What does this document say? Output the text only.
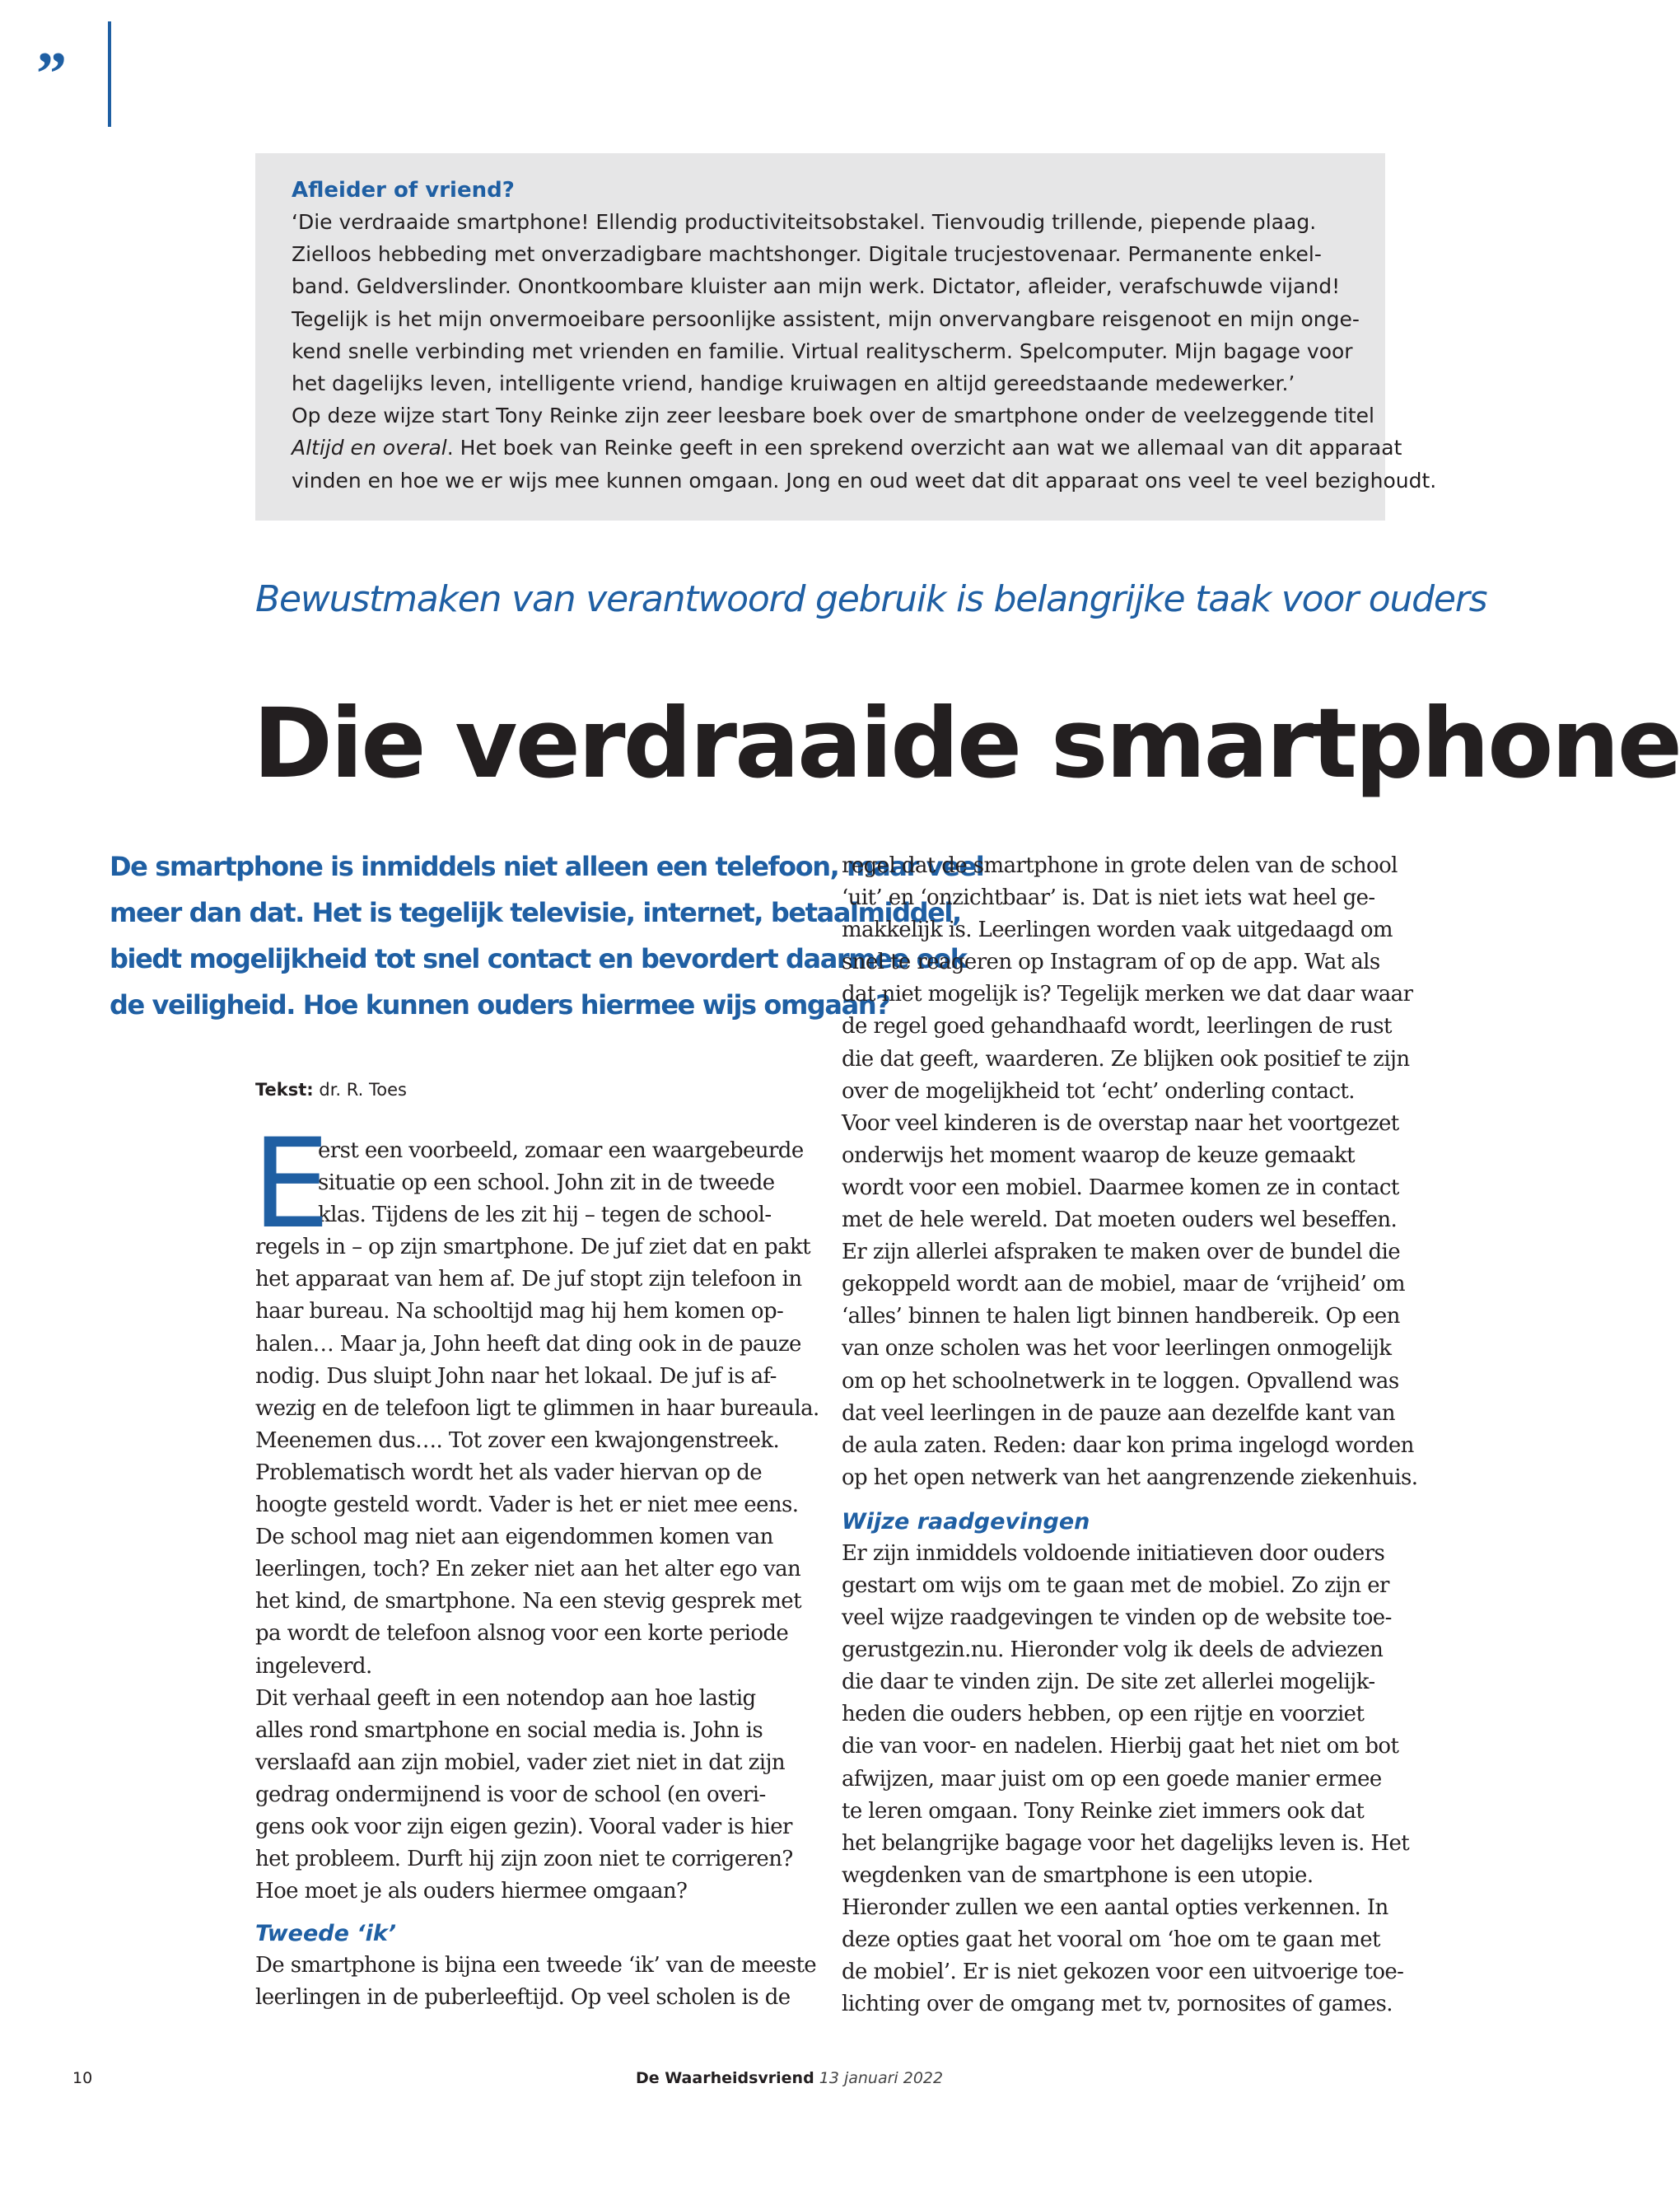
”

Afleider of vriend?

‘Die verdraaide smartphone! Ellendig productiviteitsobstakel. Tienvoudig trillende, piepende plaag.

Zielloos hebbeding met onverzadigbare machtshonger. Digitale trucjestovenaar. Permanente enkel-

band. Geldverslinder. Onontkoombare kluister aan mijn werk. Dictator, afleider, verafschuwde vijand!

Tegelijk is het mijn onvermoeibare persoonlijke assistent, mijn onvervangbare reisgenoot en mijn onge-

kend snelle verbinding met vrienden en familie. Virtual realityscherm. Spelcomputer. Mijn bagage voor

het dagelijks leven, intelligente vriend, handige kruiwagen en altijd gereedstaande medewerker.’

Op deze wijze start Tony Reinke zijn zeer leesbare boek over de smartphone onder de veelzeggende titel

Altijd en overal. Het boek van Reinke geeft in een sprekend overzicht aan wat we allemaal van dit apparaat

vinden en hoe we er wijs mee kunnen omgaan. Jong en oud weet dat dit apparaat ons veel te veel bezighoudt.

Bewustmaken van verantwoord gebruik is belangrijke taak voor ouders
Die verdraaide smartphone

De smartphone is inmiddels niet alleen een telefoon, maar veel

meer dan dat. Het is tegelijk televisie, internet, betaalmiddel,

biedt mogelijkheid tot snel contact en bevordert daarmee ook

de veiligheid. Hoe kunnen ouders hiermee wijs omgaan?

Tekst: dr. R. Toes
E

erst een voorbeeld, zomaar een waargebeurde

situatie op een school. John zit in de tweede

klas. Tijdens de les zit hij – tegen de school-

regels in – op zijn smartphone. De juf ziet dat en pakt

het apparaat van hem af. De juf stopt zijn telefoon in

haar bureau. Na schooltijd mag hij hem komen op-

halen… Maar ja, John heeft dat ding ook in de pauze

nodig. Dus sluipt John naar het lokaal. De juf is af-

wezig en de telefoon ligt te glimmen in haar bureaula.

Meenemen dus…. Tot zover een kwajongenstreek.

Problematisch wordt het als vader hiervan op de

hoogte gesteld wordt. Vader is het er niet mee eens.

De school mag niet aan eigendommen komen van

leerlingen, toch? En zeker niet aan het alter ego van

het kind, de smartphone. Na een stevig gesprek met

pa wordt de telefoon alsnog voor een korte periode

ingeleverd.

Dit verhaal geeft in een notendop aan hoe lastig

alles rond smartphone en social media is. John is

verslaafd aan zijn mobiel, vader ziet niet in dat zijn

gedrag ondermijnend is voor de school (en overi-

gens ook voor zijn eigen gezin). Vooral vader is hier

het probleem. Durft hij zijn zoon niet te corrigeren?

Hoe moet je als ouders hiermee omgaan?

Tweede ‘ik’

De smartphone is bijna een tweede ‘ik’ van de meeste

leerlingen in de puberleeftijd. Op veel scholen is de

regel dat de smartphone in grote delen van de school

‘uit’ en ‘onzichtbaar’ is. Dat is niet iets wat heel ge-

makkelijk is. Leerlingen worden vaak uitgedaagd om

snel te reageren op Instagram of op de app. Wat als

dat niet mogelijk is? Tegelijk merken we dat daar waar

de regel goed gehandhaafd wordt, leerlingen de rust

die dat geeft, waarderen. Ze blijken ook positief te zijn

over de mogelijkheid tot ‘echt’ onderling contact.

Voor veel kinderen is de overstap naar het voortgezet

onderwijs het moment waarop de keuze gemaakt

wordt voor een mobiel. Daarmee komen ze in contact

met de hele wereld. Dat moeten ouders wel beseffen.

Er zijn allerlei afspraken te maken over de bundel die

gekoppeld wordt aan de mobiel, maar de ‘vrijheid’ om

‘alles’ binnen te halen ligt binnen handbereik. Op een

van onze scholen was het voor leerlingen onmogelijk

om op het schoolnetwerk in te loggen. Opvallend was

dat veel leerlingen in de pauze aan dezelfde kant van

de aula zaten. Reden: daar kon prima ingelogd worden

op het open netwerk van het aangrenzende ziekenhuis.

Wijze raadgevingen

Er zijn inmiddels voldoende initiatieven door ouders

gestart om wijs om te gaan met de mobiel. Zo zijn er

veel wijze raadgevingen te vinden op de website toe-

gerustgezin.nu. Hieronder volg ik deels de adviezen

die daar te vinden zijn. De site zet allerlei mogelijk-

heden die ouders hebben, op een rijtje en voorziet

die van voor- en nadelen. Hierbij gaat het niet om bot

afwijzen, maar juist om op een goede manier ermee

te leren omgaan. Tony Reinke ziet immers ook dat

het belangrijke bagage voor het dagelijks leven is. Het

wegdenken van de smartphone is een utopie.

Hieronder zullen we een aantal opties verkennen. In

deze opties gaat het vooral om ‘hoe om te gaan met

de mobiel’. Er is niet gekozen voor een uitvoerige toe-

lichting over de omgang met tv, pornosites of games.

10	De Waarheidsvriend 13 januari 2022
